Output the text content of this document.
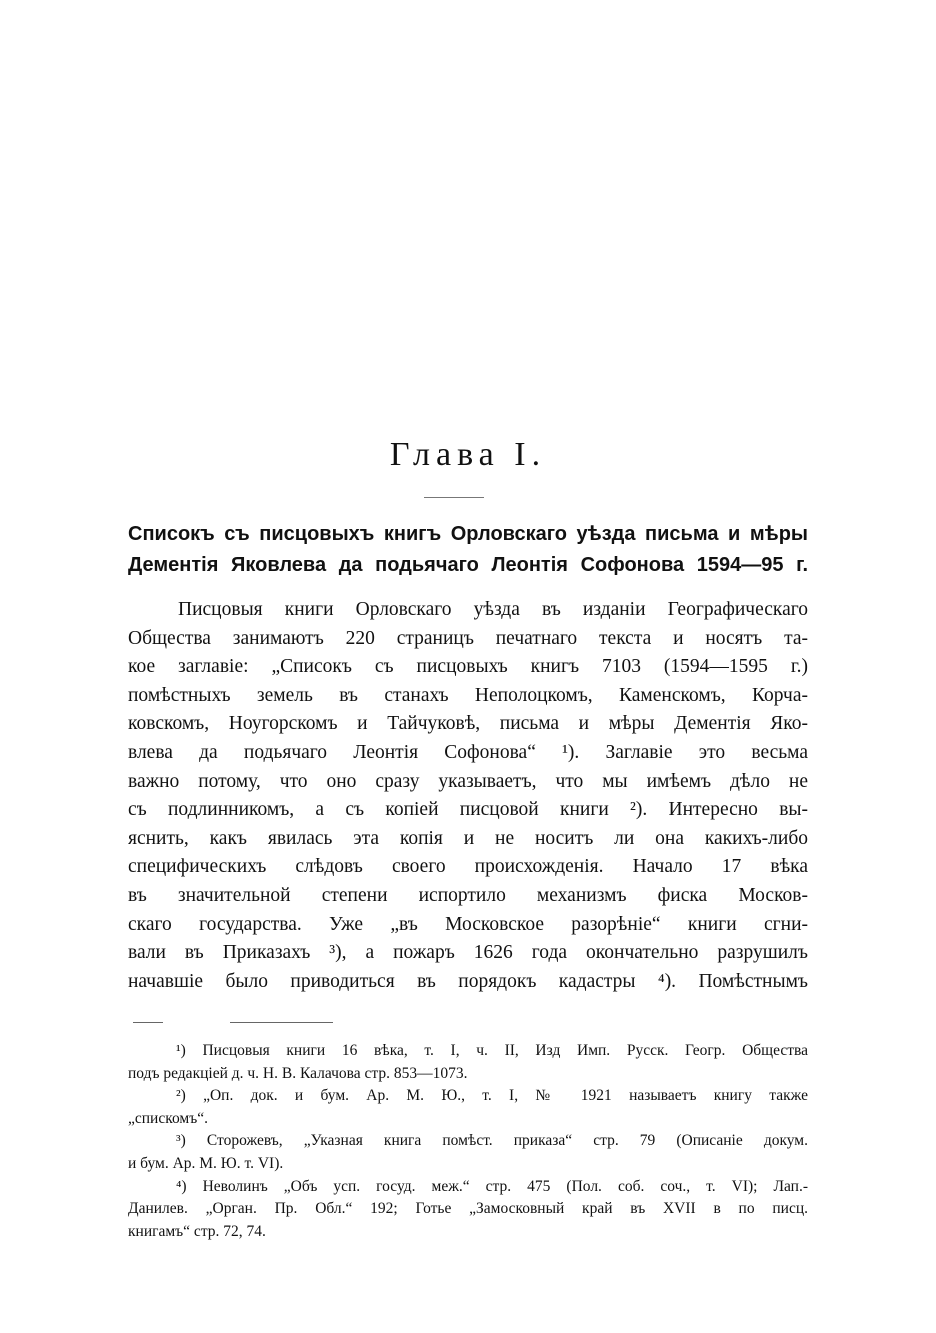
Глава I.
Списокъ съ писцовыхъ книгъ Орловскаго уѣзда письма и мѣры
Дементія Яковлева да подьячаго Леонтія Софонова 1594—95 г.
Писцовыя книги Орловскаго уѣзда въ изданіи Географическаго
Общества занимаютъ 220 страницъ печатнаго текста и носятъ та-
кое заглавіе: „Списокъ съ писцовыхъ книгъ 7103 (1594—1595 г.)
помѣстныхъ земель въ станахъ Неполоцкомъ, Каменскомъ, Корча-
ковскомъ, Ноугорскомъ и Тайчуковѣ, письма и мѣры Дементія Яко-
влева да подьячаго Леонтія Софонова“ ¹). Заглавіе это весьма
важно потому, что оно сразу указываетъ, что мы имѣемъ дѣло не
съ подлинникомъ, а съ копіей писцовой книги ²). Интересно вы-
яснить, какъ явилась эта копія и не носитъ ли она какихъ-либо
специфическихъ слѣдовъ своего происхожденія. Начало 17 вѣка
въ значительной степени испортило механизмъ фиска Москов-
скаго государства. Уже „въ Московское разорѣніе“ книги сгни-
вали въ Приказахъ ³), а пожаръ 1626 года окончательно разрушилъ
начавшіе было приводиться въ порядокъ кадастры ⁴). Помѣстнымъ
¹) Писцовыя книги 16 вѣка, т. I, ч. II, Изд Имп. Русск. Геогр. Общества
подъ редакціей д. ч. Н. В. Калачова стр. 853—1073.
²) „Оп. док. и бум. Ар. М. Ю., т. I, № 1921 называетъ книгу также
„спискомъ“.
³) Сторожевъ, „Указная книга помѣст. приказа“ стр. 79 (Описаніе докум.
и бум. Ар. М. Ю. т. VI).
⁴) Неволинъ „Объ усп. госуд. меж.“ стр. 475 (Пол. соб. соч., т. VI); Лап.-
Данилев. „Орган. Пр. Обл.“ 192; Готье „Замосковный край въ XVII в по писц.
книгамъ“ стр. 72, 74.
